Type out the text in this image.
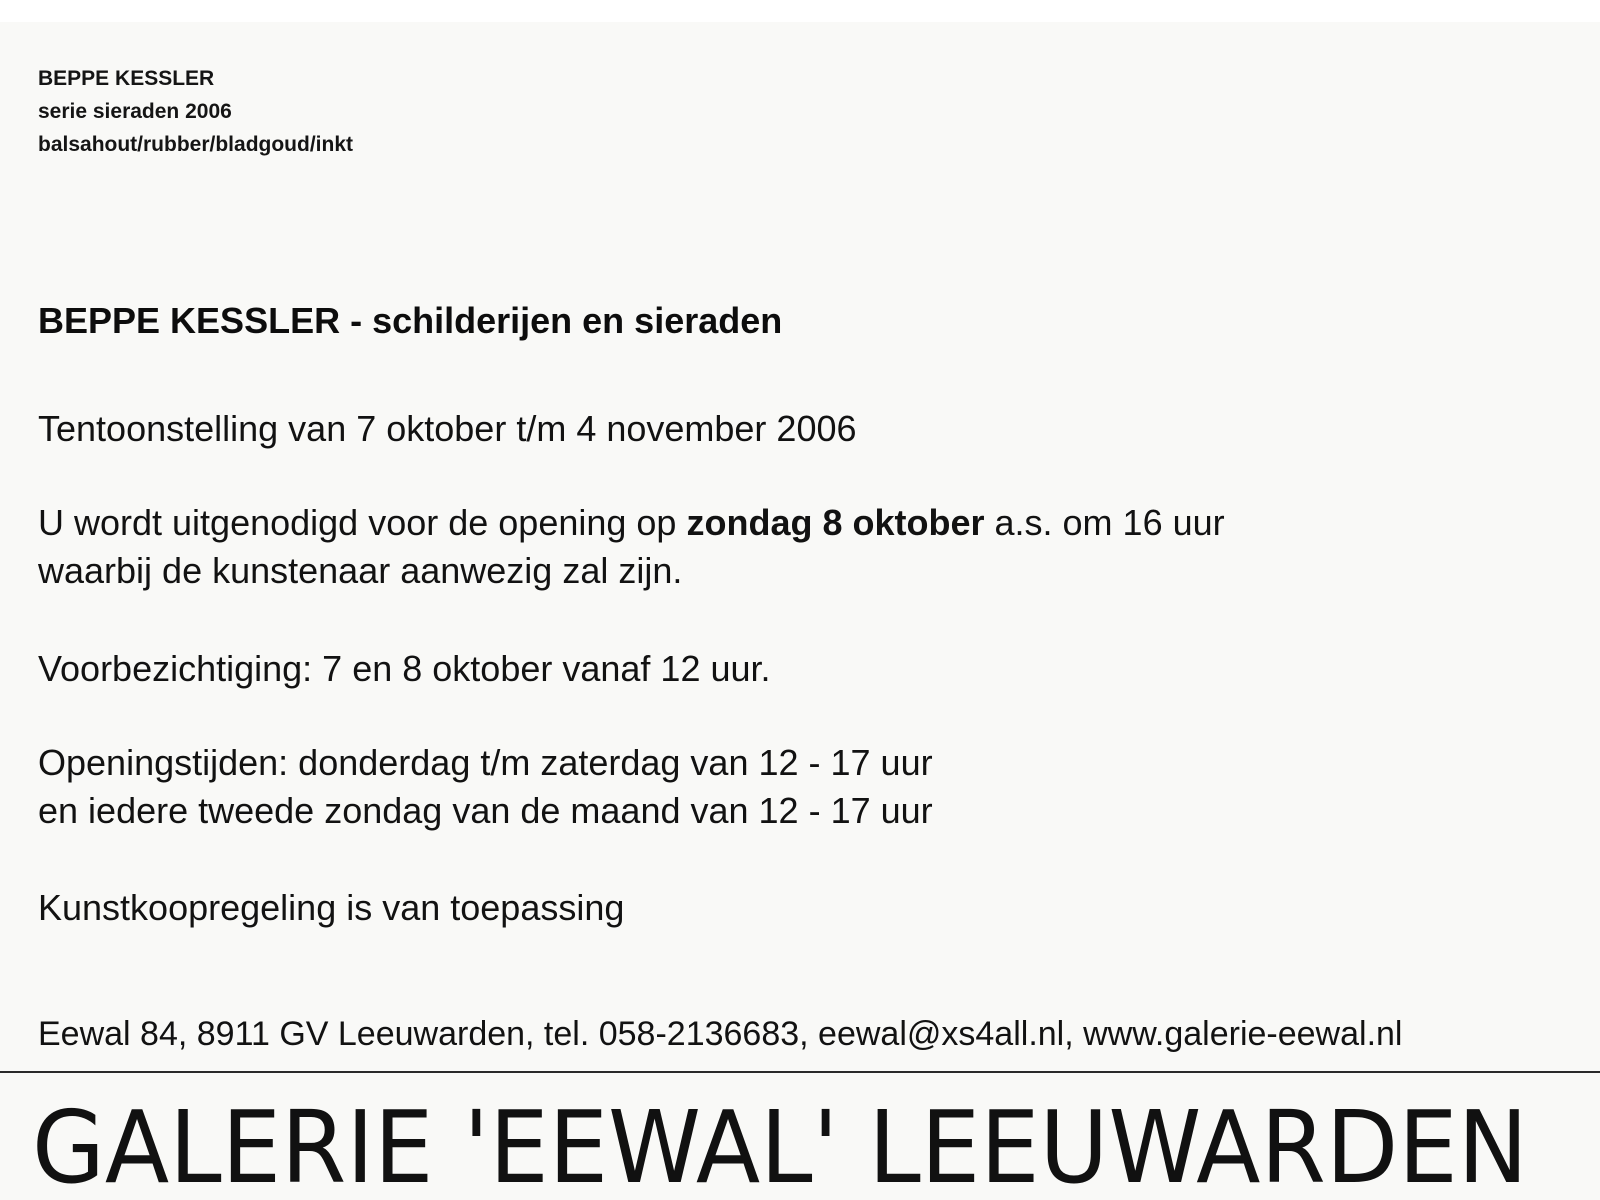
BEPPE KESSLER
serie sieraden 2006
balsahout/rubber/bladgoud/inkt
BEPPE KESSLER - schilderijen en sieraden
Tentoonstelling van 7 oktober t/m 4 november 2006
U wordt uitgenodigd voor de opening op zondag 8 oktober a.s. om 16 uur
waarbij de kunstenaar aanwezig zal zijn.
Voorbezichtiging: 7 en 8 oktober vanaf 12 uur.
Openingstijden: donderdag t/m zaterdag van 12 - 17 uur
en iedere tweede zondag van de maand van 12 - 17 uur
Kunstkoopregeling is van toepassing
Eewal 84, 8911 GV Leeuwarden, tel. 058-2136683, eewal@xs4all.nl, www.galerie-eewal.nl
GALERIE 'EEWAL' LEEUWARDEN
